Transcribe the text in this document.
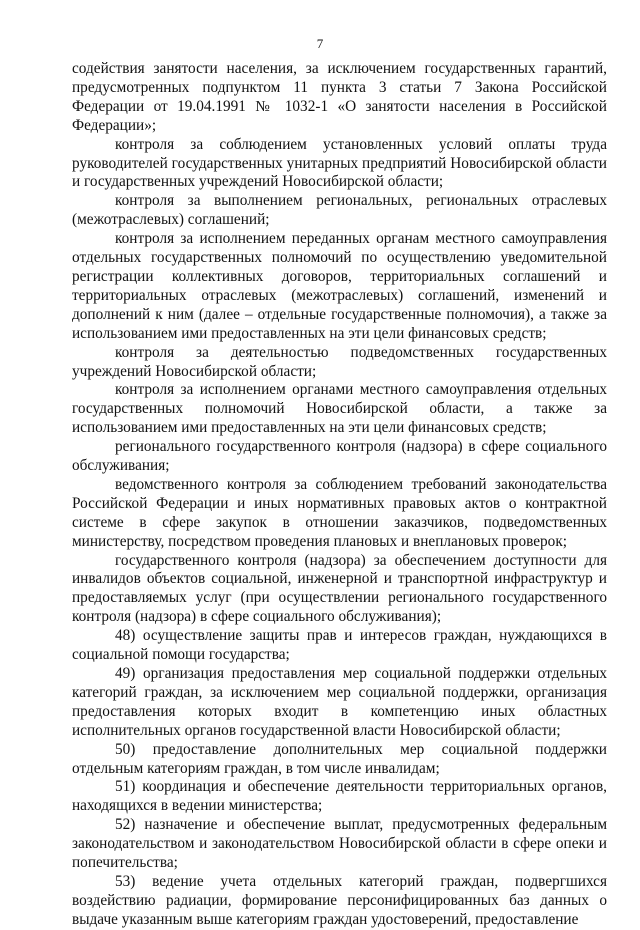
7

содействия занятости населения, за исключением государственных гарантий, предусмотренных подпунктом 11 пункта 3 статьи 7 Закона Российской Федерации от 19.04.1991 № 1032-1 «О занятости населения в Российской Федерации»;

контроля за соблюдением установленных условий оплаты труда руководителей государственных унитарных предприятий Новосибирской области и государственных учреждений Новосибирской области;

контроля за выполнением региональных, региональных отраслевых (межотраслевых) соглашений;

контроля за исполнением переданных органам местного самоуправления отдельных государственных полномочий по осуществлению уведомительной регистрации коллективных договоров, территориальных соглашений и территориальных отраслевых (межотраслевых) соглашений, изменений и дополнений к ним (далее – отдельные государственные полномочия), а также за использованием ими предоставленных на эти цели финансовых средств;

контроля за деятельностью подведомственных государственных учреждений Новосибирской области;

контроля за исполнением органами местного самоуправления отдельных государственных полномочий Новосибирской области, а также за использованием ими предоставленных на эти цели финансовых средств;

регионального государственного контроля (надзора) в сфере социального обслуживания;

ведомственного контроля за соблюдением требований законодательства Российской Федерации и иных нормативных правовых актов о контрактной системе в сфере закупок в отношении заказчиков, подведомственных министерству, посредством проведения плановых и внеплановых проверок;

государственного контроля (надзора) за обеспечением доступности для инвалидов объектов социальной, инженерной и транспортной инфраструктур и предоставляемых услуг (при осуществлении регионального государственного контроля (надзора) в сфере социального обслуживания);

48) осуществление защиты прав и интересов граждан, нуждающихся в социальной помощи государства;

49) организация предоставления мер социальной поддержки отдельных категорий граждан, за исключением мер социальной поддержки, организация предоставления которых входит в компетенцию иных областных исполнительных органов государственной власти Новосибирской области;

50) предоставление дополнительных мер социальной поддержки отдельным категориям граждан, в том числе инвалидам;

51) координация и обеспечение деятельности территориальных органов, находящихся в ведении министерства;

52) назначение и обеспечение выплат, предусмотренных федеральным законодательством и законодательством Новосибирской области в сфере опеки и попечительства;

53) ведение учета отдельных категорий граждан, подвергшихся воздействию радиации, формирование персонифицированных баз данных о выдаче указанным выше категориям граждан удостоверений, предоставление
